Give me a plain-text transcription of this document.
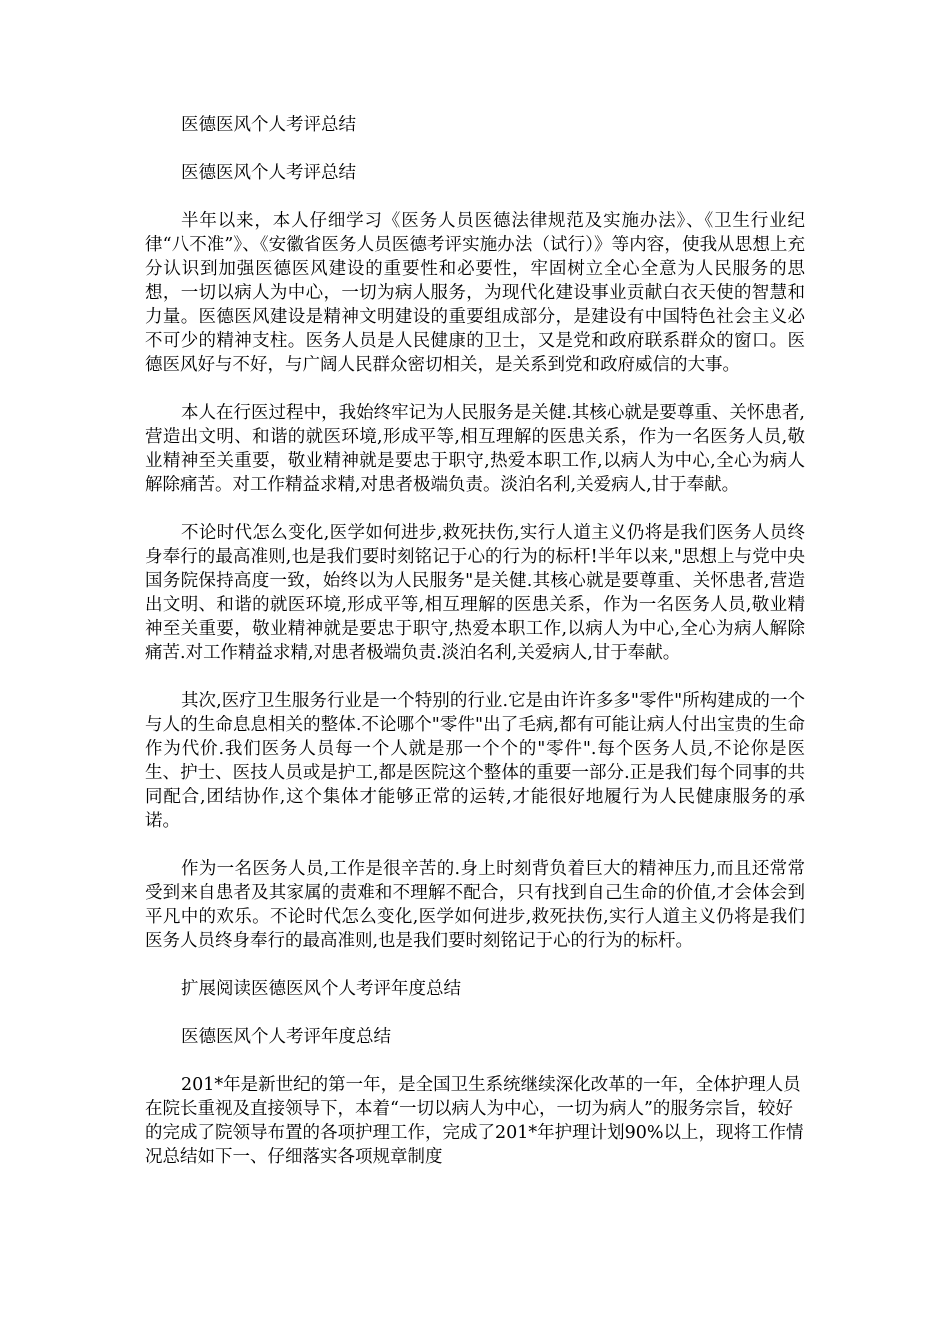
医德医风个人考评总结

医德医风个人考评总结

半年以来，本人仔细学习《医务人员医德法律规范及实施办法》、《卫生行业纪律“八不准”》、《安徽省医务人员医德考评实施办法（试行）》等内容，使我从思想上充分认识到加强医德医风建设的重要性和必要性，牢固树立全心全意为人民服务的思想，一切以病人为中心，一切为病人服务，为现代化建设事业贡献白衣天使的智慧和力量。医德医风建设是精神文明建设的重要组成部分，是建设有中国特色社会主义必不可少的精神支柱。医务人员是人民健康的卫士，又是党和政府联系群众的窗口。医德医风好与不好，与广阔人民群众密切相关，是关系到党和政府威信的大事。

本人在行医过程中，我始终牢记为人民服务是关健.其核心就是要尊重、关怀患者,营造出文明、和谐的就医环境,形成平等,相互理解的医患关系，作为一名医务人员,敬业精神至关重要，敬业精神就是要忠于职守,热爱本职工作,以病人为中心,全心为病人解除痛苦。对工作精益求精,对患者极端负责。淡泊名利,关爱病人,甘于奉献。

不论时代怎么变化,医学如何进步,救死扶伤,实行人道主义仍将是我们医务人员终身奉行的最高准则,也是我们要时刻铭记于心的行为的标杆!半年以来,"思想上与党中央国务院保持高度一致，始终以为人民服务"是关健.其核心就是要尊重、关怀患者,营造出文明、和谐的就医环境,形成平等,相互理解的医患关系，作为一名医务人员,敬业精神至关重要，敬业精神就是要忠于职守,热爱本职工作,以病人为中心,全心为病人解除痛苦.对工作精益求精,对患者极端负责.淡泊名利,关爱病人,甘于奉献。

其次,医疗卫生服务行业是一个特别的行业.它是由许许多多"零件"所构建成的一个与人的生命息息相关的整体.不论哪个"零件"出了毛病,都有可能让病人付出宝贵的生命作为代价.我们医务人员每一个人就是那一个个的"零件".每个医务人员,不论你是医生、护士、医技人员或是护工,都是医院这个整体的重要一部分.正是我们每个同事的共同配合,团结协作,这个集体才能够正常的运转,才能很好地履行为人民健康服务的承诺。

作为一名医务人员,工作是很辛苦的.身上时刻背负着巨大的精神压力,而且还常常受到来自患者及其家属的责难和不理解不配合，只有找到自己生命的价值,才会体会到平凡中的欢乐。不论时代怎么变化,医学如何进步,救死扶伤,实行人道主义仍将是我们医务人员终身奉行的最高准则,也是我们要时刻铭记于心的行为的标杆。

扩展阅读医德医风个人考评年度总结

医德医风个人考评年度总结

201*年是新世纪的第一年，是全国卫生系统继续深化改革的一年，全体护理人员在院长重视及直接领导下，本着“一切以病人为中心，一切为病人”的服务宗旨，较好的完成了院领导布置的各项护理工作，完成了201*年护理计划90%以上，现将工作情况总结如下一、仔细落实各项规章制度
